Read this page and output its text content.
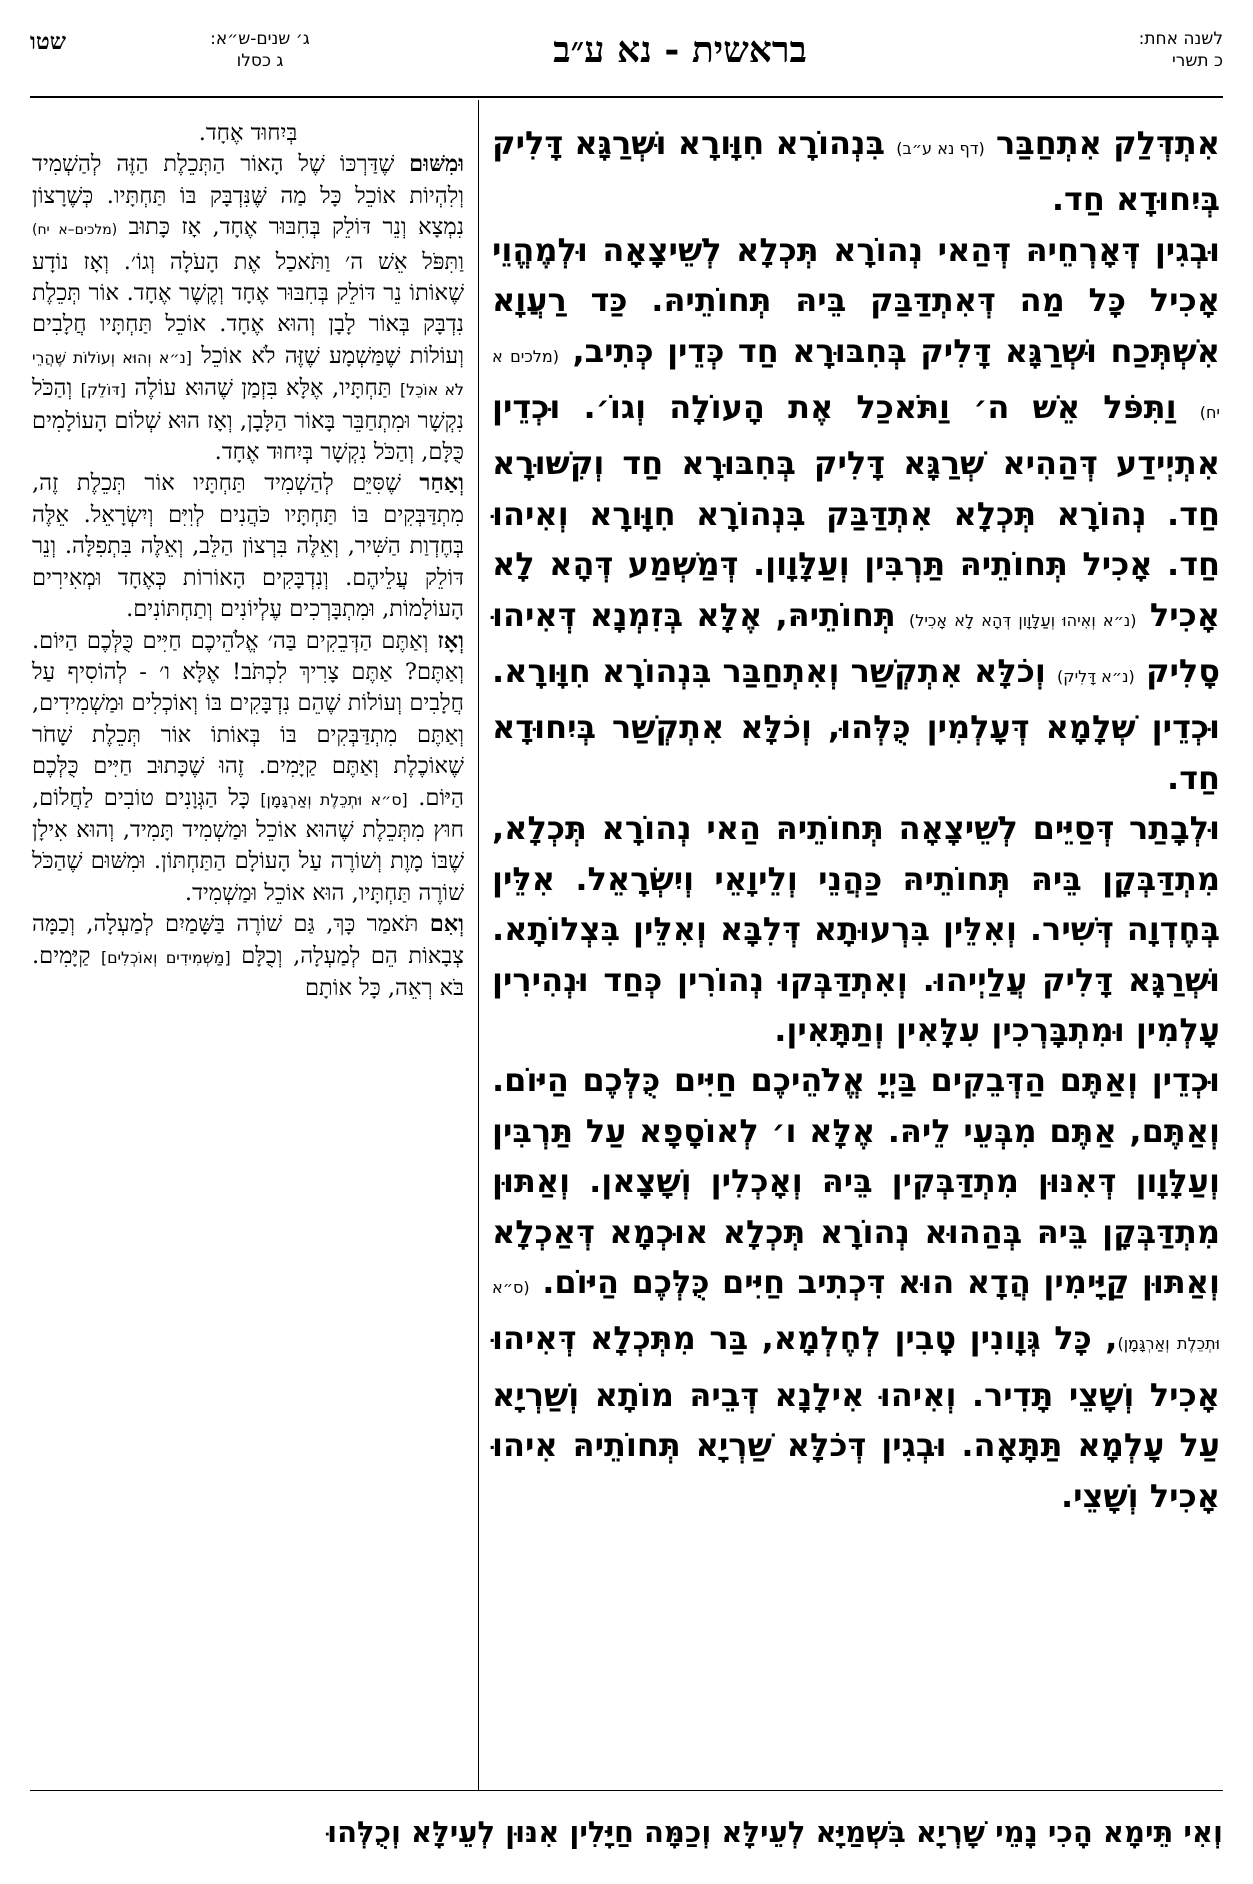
שטו	ג׳ שנים-ש״א:
ג כסלו	בראשית - נא ע״ב	לשנה אחת:
כ תשרי

אִתְדְּלַק אִתְחַבַּר (דף נא ע״ב) בִּנְהוֹרָא חִוָּורָא וּשְׁרַגָּא דָּלִיק בְּיִחוּדָא חַד.

וּבְגִין דְּאָרְחֵיהּ דְּהַאי נְהוֹרָא תְּכְלָא לְשֵׁיצָאָה וּלְמֶהֱוֵי אָכִיל כָּל מַה דְּאִתְדַּבַּק בֵּיהּ תְּחוֹתֵיהּ. כַּד רַעֲוָא אִשְׁתְּכַח וּשְׁרַגָּא דָּלִיק בְּחִבּוּרָא חַד כְּדֵין כְּתִיב, (מלכים א יח) וַתִּפֹּל אֵשׁ ה׳ וַתֹּאכַל אֶת הָעוֹלָה וְגוֹ׳. וּכְדֵין אִתְיְידַע דְּהַהִיא שְׁרַגָּא דָּלִיק בְּחִבּוּרָא חַד וְקִשּׁוּרָא חַד. נְהוֹרָא תְּכְלָא אִתְדַּבַּק בִּנְהוֹרָא חִוָּורָא וְאִיהוּ חַד. אָכִיל תְּחוֹתֵיהּ תַּרְבִּין וְעַלָּוָון. דְּמַשְׁמַע דְּהָא לָא אָכִיל (נ״א וְאִיהוּ וְעַלָּוָון דְּהָא לָא אָכִיל) תְּחוֹתֵיהּ, אֶלָּא בְּזִמְנָא דְּאִיהוּ סָלִיק (נ״א דָּלִיק) וְכֹלָּא אִתְקְשַׁר וְאִתְחַבַּר בִּנְהוֹרָא חִוָּורָא. וּכְדֵין שְׁלָמָא דְּעָלְמִין כֻּלְּהוּ, וְכֹלָּא אִתְקְשַׁר בְּיִחוּדָא חַד.

וּלְבָתַר דְּסַיֵּים לְשֵׁיצָאָה תְּחוֹתֵיהּ הַאי נְהוֹרָא תְּכְלָא, מִתְדַּבְּקָן בֵּיהּ תְּחוֹתֵיהּ כַּהֲנֵי וְלֵיוָאֵי וְיִשְׂרָאֵל. אִלֵּין בְּחֶדְוָה דְּשִׁיר. וְאִלֵּין בִּרְעוּתָא דְּלִבָּא וְאִלֵּין בִּצְלוֹתָא. וּשְׁרַגָּא דָּלִיק עֲלַיְיהוּ. וְאִתְדַּבְּקוּ נְהוֹרִין כְּחַד וּנְהִירִין עָלְמִין וּמִתְבָּרְכִין עִלָּאִין וְתַתָּאִין.

וּכְדֵין וְאַתֶּם הַדְּבֵקִים בַּיְיָ אֱלֹהֵיכֶם חַיִּים כֻּלְּכֶם הַיּוֹם. וְאַתֶּם, אַתֶּם מִבְּעֵי לֵיהּ. אֶלָּא ו׳ לְאוֹסָפָא עַל תַּרְבִּין וְעַלָּוָון דְּאִנּוּן מִתְדַּבְּקִין בֵּיהּ וְאָכְלִין וְשָׁצָאן. וְאַתּוּן מִתְדַּבְּקָן בֵּיהּ בְּהַהוּא נְהוֹרָא תְּכְלָא אוּכְמָא דְּאַכְלָא וְאַתּוּן קַיָּימִין הֲדָא הוּא דִּכְתִיב חַיִּים כֻּלְּכֶם הַיּוֹם. (ס״א וּתְכֵלֶת וְאַרְגָּמָן), כָּל גְּוָונִין טָבִין לְחֶלְמָא, בַּר מִתְּכְלָא דְּאִיהוּ אָכִיל וְשָׁצֵי תָּדִיר. וְאִיהוּ אִילָנָא דְּבֵיהּ מוֹתָא וְשַׁרְיָא עַל עָלְמָא תַּתָּאָה. וּבְגִין דְּכֹלָּא שַׁרְיָא תְּחוֹתֵיהּ אִיהוּ אָכִיל וְשָׁצֵי.

בְּיִחוּד אֶחָד.

וּמִשּׁוּם שֶׁדַּרְכּוֹ שֶׁל הָאוֹר הַתְּכֵלֶת הַזֶּה לְהַשְׁמִיד וְלִהְיוֹת אוֹכֵל כָּל מַה שֶּׁנִּדְבָּק בּוֹ תַּחְתָּיו. כְּשֶׁרָצוֹן נִמְצָא וְנֵר דּוֹלֵק בְּחִבּוּר אֶחָד, אָז כָּתוּב (מלכים–א יח) וַתִּפֹּל אֵשׁ ה׳ וַתֹּאכַל אֶת הָעֹלָה וְגוֹ׳. וְאָז נוֹדָע שֶׁאוֹתוֹ נֵר דּוֹלֵק בְּחִבּוּר אֶחָד וְקֶשֶׁר אֶחָד. אוֹר תְּכֵלֶת נִדְבָּק בְּאוֹר לָבָן וְהוּא אֶחָד. אוֹכֵל תַּחְתָּיו חֲלָבִים וְעוֹלוֹת שֶׁמַּשְׁמָע שֶׁזֶּה לֹא אוֹכֵל [נ״א וְהוּא וְעוֹלוֹת שֶׁהֲרֵי לֹא אוֹכֵל] תַּחְתָּיו, אֶלָּא בִּזְמַן שֶׁהוּא עוֹלֶה [דּוֹלֵק] וְהַכֹּל נִקְשָׁר וּמִתְחַבֵּר בָּאוֹר הַלָּבָן, וְאָז הוּא שְׁלוֹם הָעוֹלָמִים כֻּלָּם, וְהַכֹּל נִקְשָׁר בְּיִחוּד אֶחָד.

וְאַחַר שֶׁסִּיֵּם לְהַשְׁמִיד תַּחְתָּיו אוֹר תְּכֵלֶת זֶה, מִתְדַּבְּקִים בּוֹ תַּחְתָּיו כֹּהֲנִים לְוִיִּם וְיִשְׂרָאֵל. אֵלֶּה בְּחֶדְוַת הַשִּׁיר, וְאֵלֶּה בִּרְצוֹן הַלֵּב, וְאֵלֶּה בִּתְפִלָּה. וְנֵר דּוֹלֵק עֲלֵיהֶם. וְנִדְבָּקִים הָאוֹרוֹת כְּאֶחָד וּמְאִירִים הָעוֹלָמוֹת, וּמִתְבָּרְכִים עֶלְיוֹנִים וְתַחְתּוֹנִים.

וְאָז וְאַתֶּם הַדְּבֵקִים בַּה׳ אֱלֹהֵיכֶם חַיִּים כֻּלְּכֶם הַיּוֹם. וְאַתֶּם? אַתֶּם צָרִיךְ לִכְתֹּב! אֶלָּא ו׳ - לְהוֹסִיף עַל חֲלָבִים וְעוֹלוֹת שֶׁהֵם נִדְבָּקִים בּוֹ וְאוֹכְלִים וּמַשְׁמִידִים, וְאַתֶּם מִתְדַּבְּקִים בּוֹ בְּאוֹתוֹ אוֹר תְּכֵלֶת שָׁחֹר שֶׁאוֹכֶלֶת וְאַתֶּם קַיָּמִים. זֶהוּ שֶׁכָּתוּב חַיִּים כֻּלְּכֶם הַיּוֹם. [ס״א וּתְכֵלֶת וְאַרְגָּמָן] כָּל הַגְּוָנִים טוֹבִים לַחֲלוֹם, חוּץ מִתְּכֵלֶת שֶׁהוּא אוֹכֵל וּמַשְׁמִיד תָּמִיד, וְהוּא אִילָן שֶׁבּוֹ מָוֶת וְשׁוֹרֶה עַל הָעוֹלָם הַתַּחְתּוֹן. וּמִשּׁוּם שֶׁהַכֹּל שׁוֹרֶה תַּחְתָּיו, הוּא אוֹכֵל וּמַשְׁמִיד.

וְאִם תֹּאמַר כָּךְ, גַּם שׁוֹרֶה בַּשָּׁמַיִם לְמַעְלָה, וְכַמָּה צְבָאוֹת הֵם לְמַעְלָה, וְכֻלָּם [מַשְׁמִידִים וְאוֹכְלִים] קַיָּמִים. בֹּא רְאֵה, כָּל אוֹתָם

וְאִי תֵּימָא הָכִי נָמֵי שָׁרְיָא בִּשְׁמַיָּא לְעֵילָּא וְכַמָּה חַיָּלִין אִנּוּן לְעֵילָּא וְכֻלְּהוּ
